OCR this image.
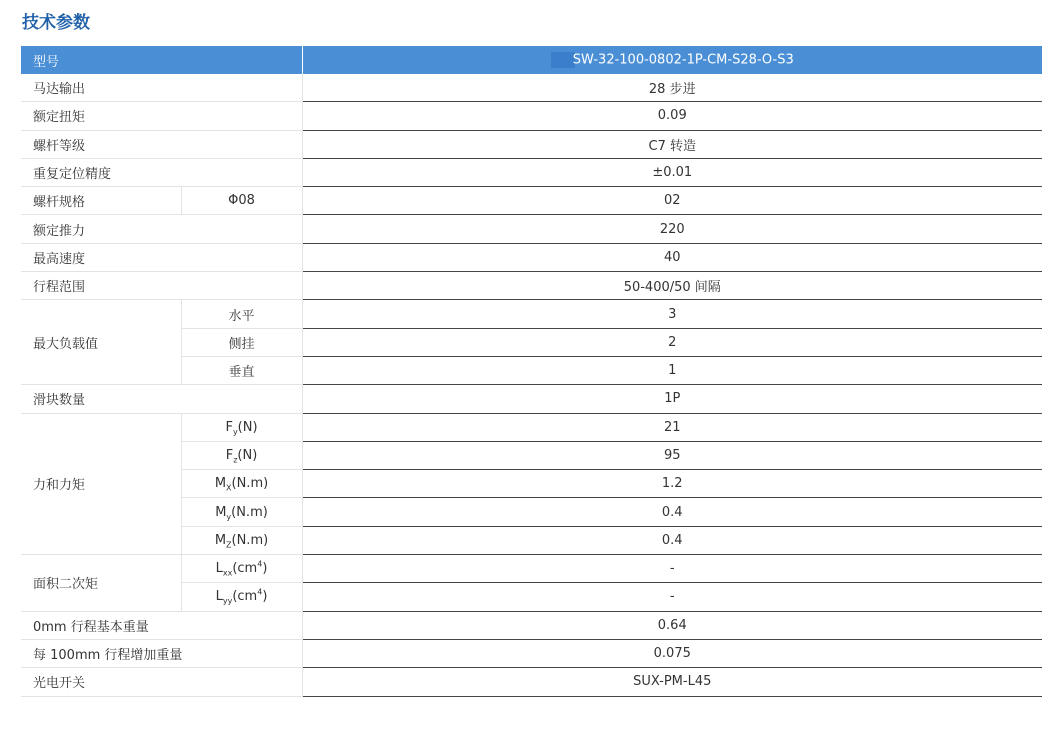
技术参数
型号		SW-32-100-0802-1P-CM-S28-O-S3
马达输出		28 步进
额定扭矩		0.09
螺杆等级		C7 转造
重复定位精度		±0.01
螺杆规格	Φ08	02
额定推力		220
最高速度		40
行程范围		50-400/50 间隔
最大负载值	水平	3
	侧挂	2
	垂直	1
滑块数量		1P
力和力矩	$F_y(N)$	21
	$F_z(N)$	95
	$M_X(N.m)$	1.2
	$M_y(N.m)$	0.4
	$M_Z(N.m)$	0.4
面积二次矩	$L_{xx}(cm^4)$	-
	$L_{yy}(cm^4)$	-
0mm 行程基本重量		0.64
每 100mm 行程增加重量		0.075
光电开关		SUX-PM-L45
